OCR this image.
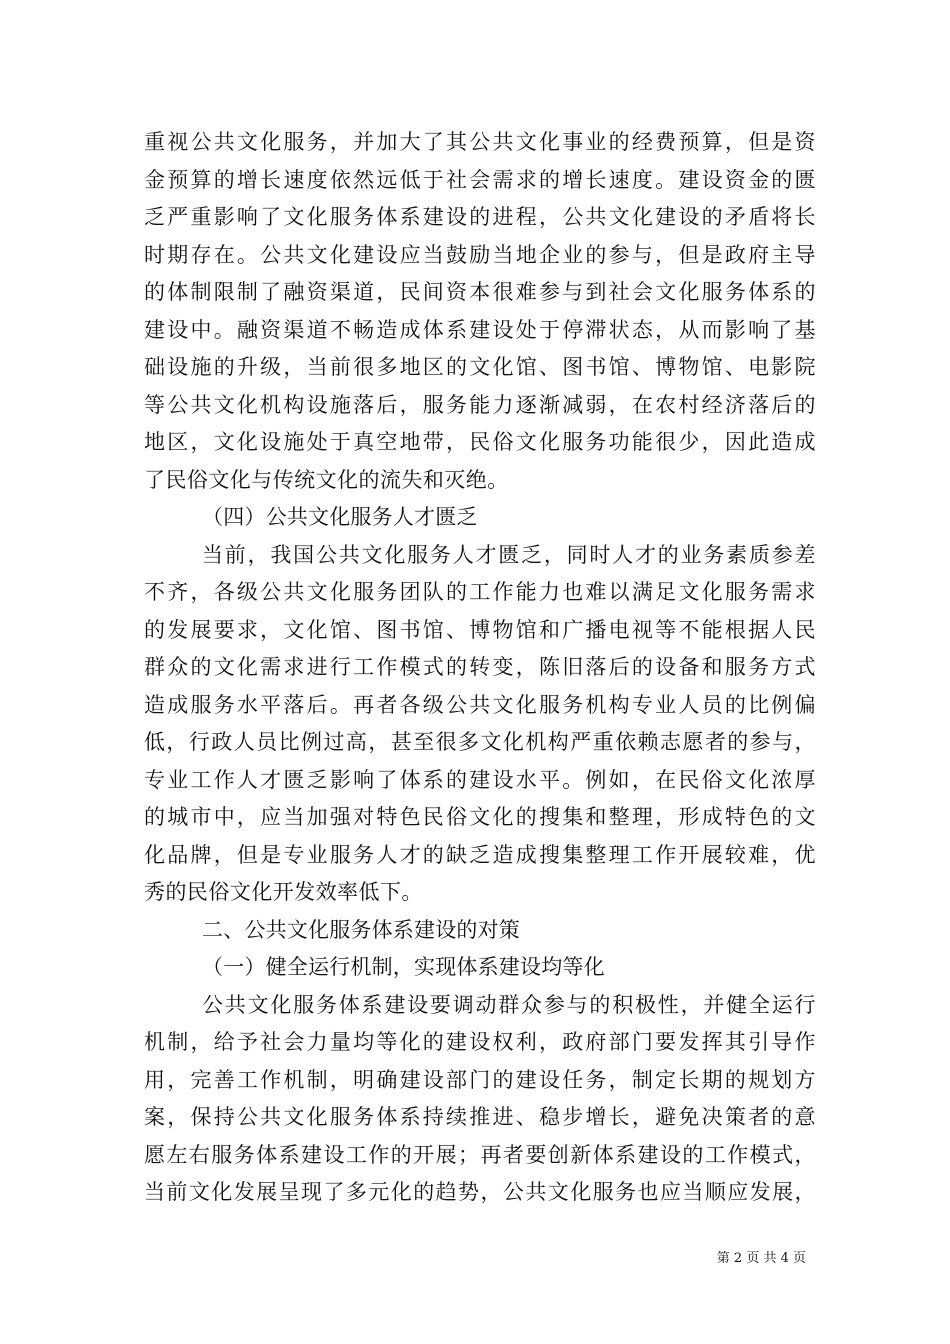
重视公共文化服务，并加大了其公共文化事业的经费预算，但是资
金预算的增长速度依然远低于社会需求的增长速度。建设资金的匮
乏严重影响了文化服务体系建设的进程，公共文化建设的矛盾将长
时期存在。公共文化建设应当鼓励当地企业的参与，但是政府主导
的体制限制了融资渠道，民间资本很难参与到社会文化服务体系的
建设中。融资渠道不畅造成体系建设处于停滞状态，从而影响了基
础设施的升级，当前很多地区的文化馆、图书馆、博物馆、电影院
等公共文化机构设施落后，服务能力逐渐减弱，在农村经济落后的
地区，文化设施处于真空地带，民俗文化服务功能很少，因此造成
了民俗文化与传统文化的流失和灭绝。
（四）公共文化服务人才匮乏
当前，我国公共文化服务人才匮乏，同时人才的业务素质参差
不齐，各级公共文化服务团队的工作能力也难以满足文化服务需求
的发展要求，文化馆、图书馆、博物馆和广播电视等不能根据人民
群众的文化需求进行工作模式的转变，陈旧落后的设备和服务方式
造成服务水平落后。再者各级公共文化服务机构专业人员的比例偏
低，行政人员比例过高，甚至很多文化机构严重依赖志愿者的参与，
专业工作人才匮乏影响了体系的建设水平。例如，在民俗文化浓厚
的城市中，应当加强对特色民俗文化的搜集和整理，形成特色的文
化品牌，但是专业服务人才的缺乏造成搜集整理工作开展较难，优
秀的民俗文化开发效率低下。
二、公共文化服务体系建设的对策
（一）健全运行机制，实现体系建设均等化
公共文化服务体系建设要调动群众参与的积极性，并健全运行
机制，给予社会力量均等化的建设权利，政府部门要发挥其引导作
用，完善工作机制，明确建设部门的建设任务，制定长期的规划方
案，保持公共文化服务体系持续推进、稳步增长，避免决策者的意
愿左右服务体系建设工作的开展；再者要创新体系建设的工作模式，
当前文化发展呈现了多元化的趋势，公共文化服务也应当顺应发展，
第 2 页 共 4 页
